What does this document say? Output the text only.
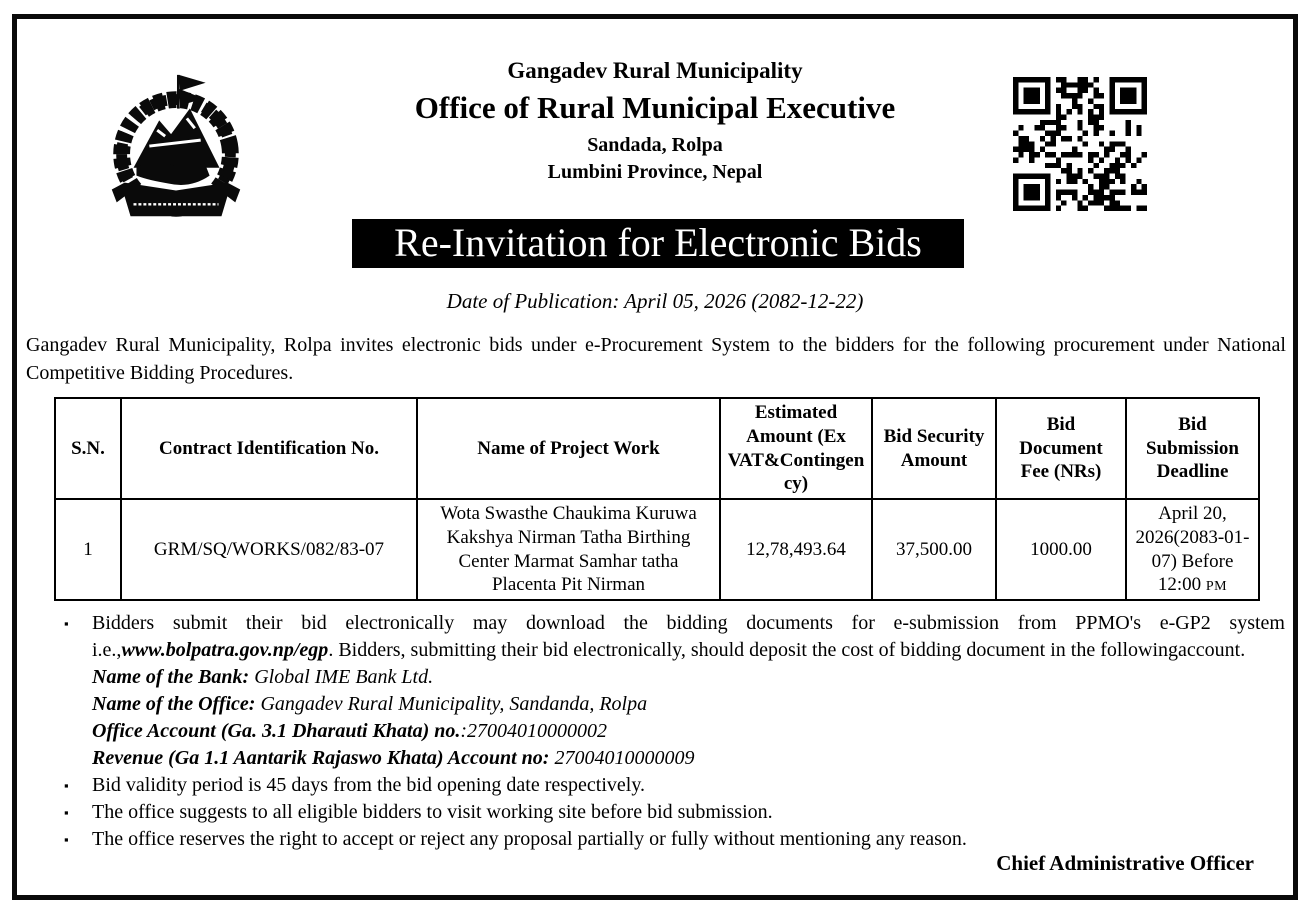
Gangadev Rural Municipality
Office of Rural Municipal Executive
Sandada, Rolpa
Lumbini Province, Nepal
Re-Invitation for Electronic Bids
Date of Publication: April 05, 2026 (2082-12-22)
Gangadev Rural Municipality, Rolpa invites electronic bids under e-Procurement System to the bidders for the following procurement under National Competitive Bidding Procedures.
S.N.	Contract Identification No.	Name of Project Work	Estimated Amount (Ex VAT&Contingency)	Bid Security Amount	Bid Document Fee (NRs)	Bid Submission Deadline
1	GRM/SQ/WORKS/082/83-07	Wota Swasthe Chaukima Kuruwa Kakshya Nirman Tatha Birthing Center Marmat Samhar tatha Placenta Pit Nirman	12,78,493.64	37,500.00	1000.00	April 20, 2026(2083-01-07) Before 12:00 PM
▪	Bidders submit their bid electronically may download the bidding documents for e-submission from PPMO's e-GP2 system i.e.,www.bolpatra.gov.np/egp. Bidders, submitting their bid electronically, should deposit the cost of bidding document in the followingaccount.
Name of the Bank: Global IME Bank Ltd.
Name of the Office: Gangadev Rural Municipality, Sandanda, Rolpa
Office Account (Ga. 3.1 Dharauti Khata) no.:27004010000002
Revenue (Ga 1.1 Aantarik Rajaswo Khata) Account no: 27004010000009
▪	Bid validity period is 45 days from the bid opening date respectively.
▪	The office suggests to all eligible bidders to visit working site before bid submission.
▪	The office reserves the right to accept or reject any proposal partially or fully without mentioning any reason.
Chief Administrative Officer
